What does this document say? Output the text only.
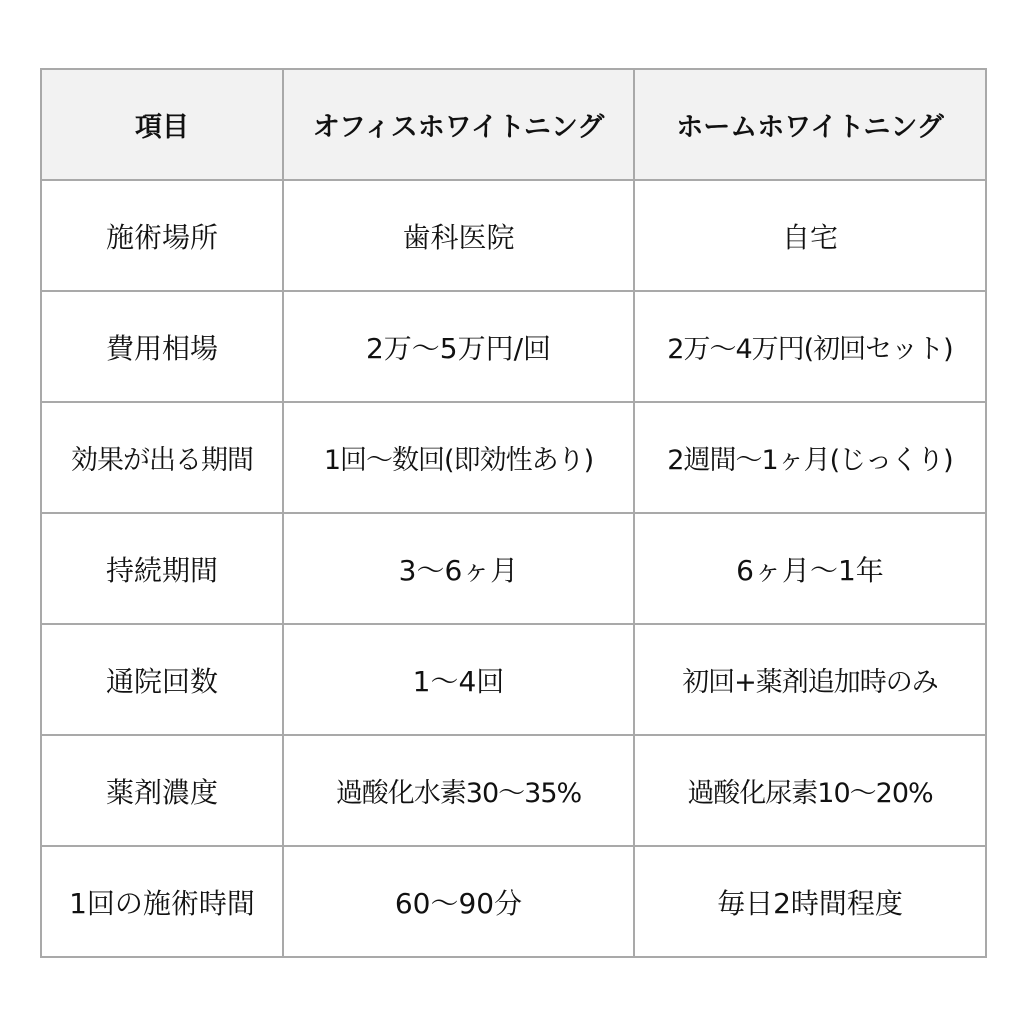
項目	オフィスホワイトニング	ホームホワイトニング
施術場所	歯科医院	自宅
費用相場	2万〜5万円/回	2万〜4万円(初回セット)
効果が出る期間	1回〜数回(即効性あり)	2週間〜1ヶ月(じっくり)
持続期間	3〜6ヶ月	6ヶ月〜1年
通院回数	1〜4回	初回+薬剤追加時のみ
薬剤濃度	過酸化水素30〜35%	過酸化尿素10〜20%
1回の施術時間	60〜90分	毎日2時間程度
